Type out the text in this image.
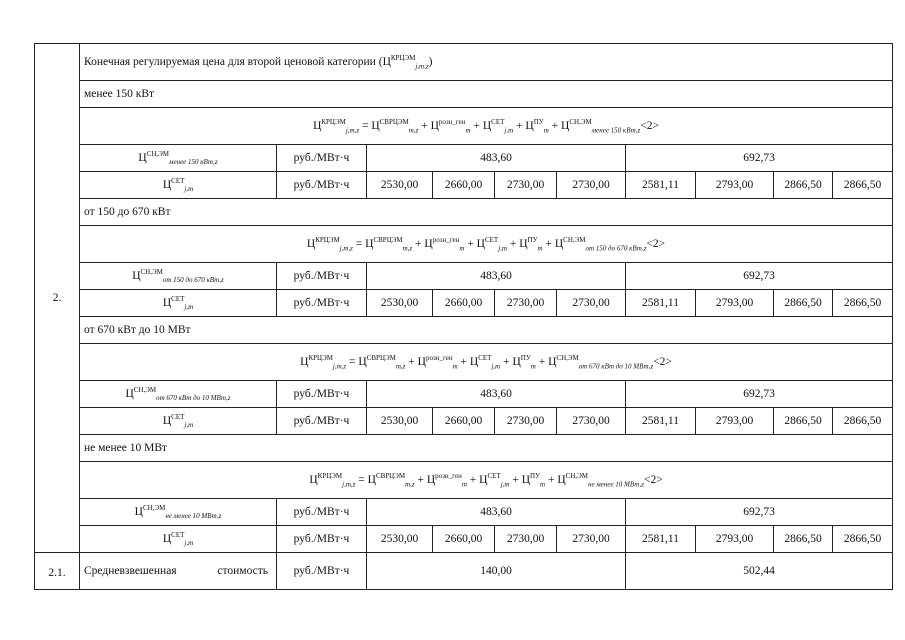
2.	Конечная регулируемая цена для второй ценовой категории $(Ц^{КРЦЭМ}_{j,m,z})$									
	менее 150 кВт									
	$Ц^{КРЦЭМ}_{j,m,z} = Ц^{СВРЦЭМ}_{m,z} + Ц^{розн\_ген}_m + Ц^{СЕТ}_{j,m} + Ц^{ПУ}_m + Ц^{СН,ЭМ}_{менее 150 кВт,z}<2>$									
	$Ц^{СН,ЭМ}_{менее 150 кВт,z}$	руб./МВт·ч	483,60				692,73			
	$Ц^{СЕТ}_{j,m}$	руб./МВт·ч	2530,00	2660,00	2730,00	2730,00	2581,11	2793,00	2866,50	2866,50
	от 150 до 670 кВт									
	$Ц^{КРЦЭМ}_{j,m,z} = Ц^{СВРЦЭМ}_{m,z} + Ц^{розн\_ген}_m + Ц^{СЕТ}_{j,m} + Ц^{ПУ}_m + Ц^{СН,ЭМ}_{от 150 до 670 кВт,z}<2>$									
	$Ц^{СН,ЭМ}_{от 150 до 670 кВт,z}$	руб./МВт·ч	483,60				692,73			
	$Ц^{СЕТ}_{j,m}$	руб./МВт·ч	2530,00	2660,00	2730,00	2730,00	2581,11	2793,00	2866,50	2866,50
	от 670 кВт до 10 МВт									
	$Ц^{КРЦЭМ}_{j,m,z} = Ц^{СВРЦЭМ}_{m,z} + Ц^{розн\_ген}_m + Ц^{СЕТ}_{j,m} + Ц^{ПУ}_m + Ц^{СН,ЭМ}_{от 670 кВт до 10 МВт,z}<2>$									
	$Ц^{СН,ЭМ}_{от 670 кВт до 10 МВт,z}$	руб./МВт·ч	483,60				692,73			
	$Ц^{СЕТ}_{j,m}$	руб./МВт·ч	2530,00	2660,00	2730,00	2730,00	2581,11	2793,00	2866,50	2866,50
	не менее 10 МВт									
	$Ц^{КРЦЭМ}_{j,m,z} = Ц^{СВРЦЭМ}_{m,z} + Ц^{розн\_ген}_m + Ц^{СЕТ}_{j,m} + Ц^{ПУ}_m + Ц^{СН,ЭМ}_{не менее 10 МВт,z}<2>$									
	$Ц^{СН,ЭМ}_{не менее 10 МВт,z}$	руб./МВт·ч	483,60				692,73			
	$Ц^{СЕТ}_{j,m}$	руб./МВт·ч	2530,00	2660,00	2730,00	2730,00	2581,11	2793,00	2866,50	2866,50
2.1.	Средневзвешенная стоимость	руб./МВт·ч	140,00				502,44			
